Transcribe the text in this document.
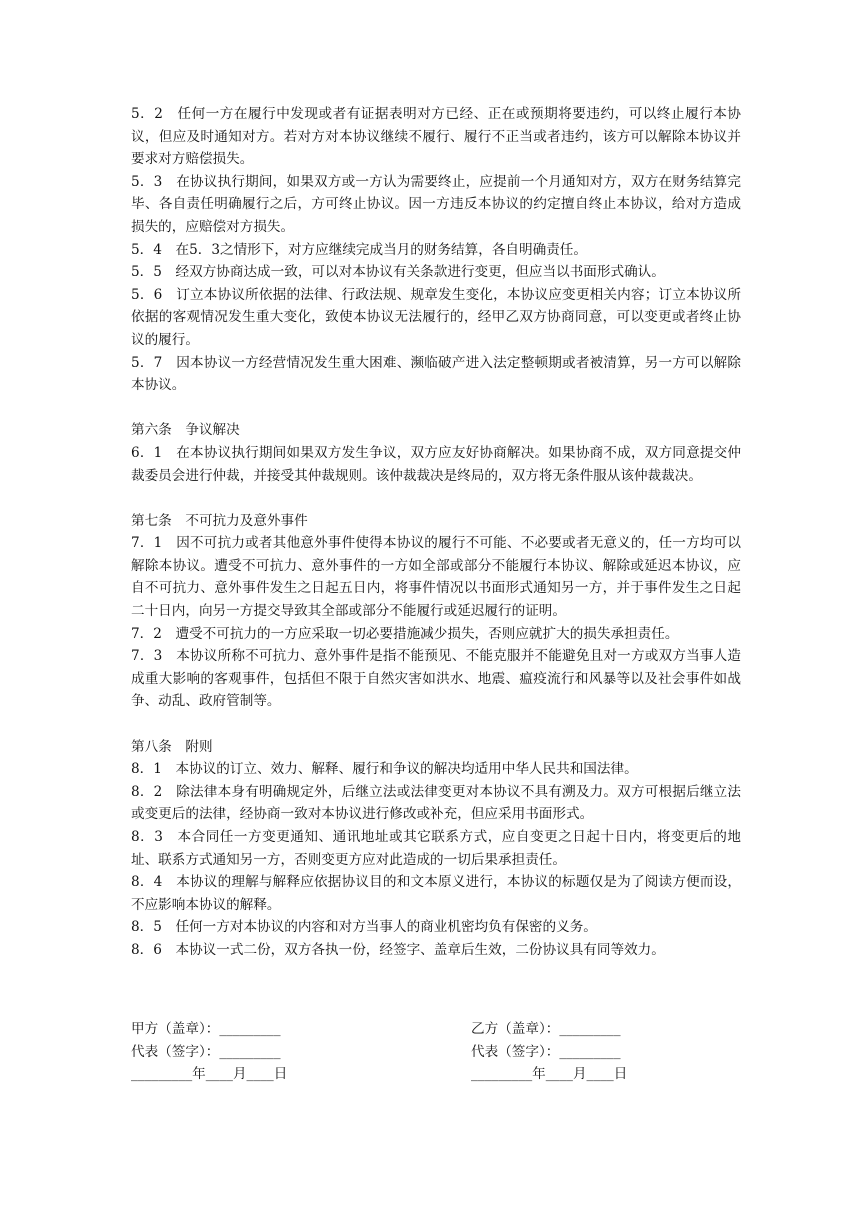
5．2　任何一方在履行中发现或者有证据表明对方已经、正在或预期将要违约，可以终止履行本协议，但应及时通知对方。若对方对本协议继续不履行、履行不正当或者违约，该方可以解除本协议并要求对方赔偿损失。
5．3　在协议执行期间，如果双方或一方认为需要终止，应提前一个月通知对方，双方在财务结算完毕、各自责任明确履行之后，方可终止协议。因一方违反本协议的约定擅自终止本协议，给对方造成损失的，应赔偿对方损失。
5．4　在5．3之情形下，对方应继续完成当月的财务结算，各自明确责任。
5．5　经双方协商达成一致，可以对本协议有关条款进行变更，但应当以书面形式确认。
5．6　订立本协议所依据的法律、行政法规、规章发生变化，本协议应变更相关内容；订立本协议所依据的客观情况发生重大变化，致使本协议无法履行的，经甲乙双方协商同意，可以变更或者终止协议的履行。
5．7　因本协议一方经营情况发生重大困难、濒临破产进入法定整顿期或者被清算，另一方可以解除本协议。
第六条　争议解决
6．1　在本协议执行期间如果双方发生争议，双方应友好协商解决。如果协商不成，双方同意提交仲裁委员会进行仲裁，并接受其仲裁规则。该仲裁裁决是终局的，双方将无条件服从该仲裁裁决。
第七条　不可抗力及意外事件
7．1　因不可抗力或者其他意外事件使得本协议的履行不可能、不必要或者无意义的，任一方均可以解除本协议。遭受不可抗力、意外事件的一方如全部或部分不能履行本协议、解除或延迟本协议，应自不可抗力、意外事件发生之日起五日内，将事件情况以书面形式通知另一方，并于事件发生之日起二十日内，向另一方提交导致其全部或部分不能履行或延迟履行的证明。
7．2　遭受不可抗力的一方应采取一切必要措施减少损失，否则应就扩大的损失承担责任。
7．3　本协议所称不可抗力、意外事件是指不能预见、不能克服并不能避免且对一方或双方当事人造成重大影响的客观事件，包括但不限于自然灾害如洪水、地震、瘟疫流行和风暴等以及社会事件如战争、动乱、政府管制等。
第八条　附则
8．1　本协议的订立、效力、解释、履行和争议的解决均适用中华人民共和国法律。
8．2　除法律本身有明确规定外，后继立法或法律变更对本协议不具有溯及力。双方可根据后继立法或变更后的法律，经协商一致对本协议进行修改或补充，但应采用书面形式。
8．3　本合同任一方变更通知、通讯地址或其它联系方式，应自变更之日起十日内，将变更后的地址、联系方式通知另一方，否则变更方应对此造成的一切后果承担责任。
8．4　本协议的理解与解释应依据协议目的和文本原义进行，本协议的标题仅是为了阅读方便而设，不应影响本协议的解释。
8．5　任何一方对本协议的内容和对方当事人的商业机密均负有保密的义务。
8．6　本协议一式二份，双方各执一份，经签字、盖章后生效，二份协议具有同等效力。
甲方（盖章）：_________	乙方（盖章）：_________
代表（签字）：_________	代表（签字）：_________
_________年____月____日	_________年____月____日
